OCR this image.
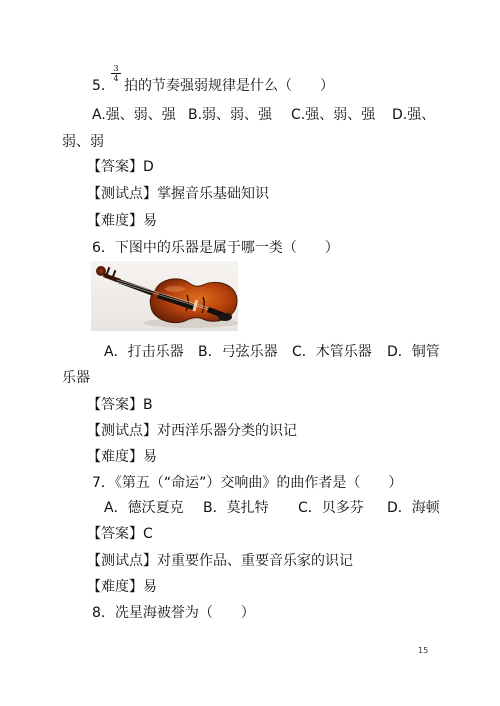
5．
3
4 拍的节奏强弱规律是什么（　　）
A.强、弱、强 B.弱、弱、强 C.强、弱、强 D.强、
弱、弱
【答案】D
【测试点】掌握音乐基础知识
【难度】易
6．下图中的乐器是属于哪一类（　　）
A．打击乐器 B．弓弦乐器 C．木管乐器 D．铜管
乐器
【答案】B
【测试点】对西洋乐器分类的识记
【难度】易
7．《第五（“命运”）交响曲》的曲作者是（　　）
A．德沃夏克 B．莫扎特 C．贝多芬 D．海顿
【答案】C
【测试点】对重要作品、重要音乐家的识记
【难度】易
8．冼星海被誉为（　　）
15
